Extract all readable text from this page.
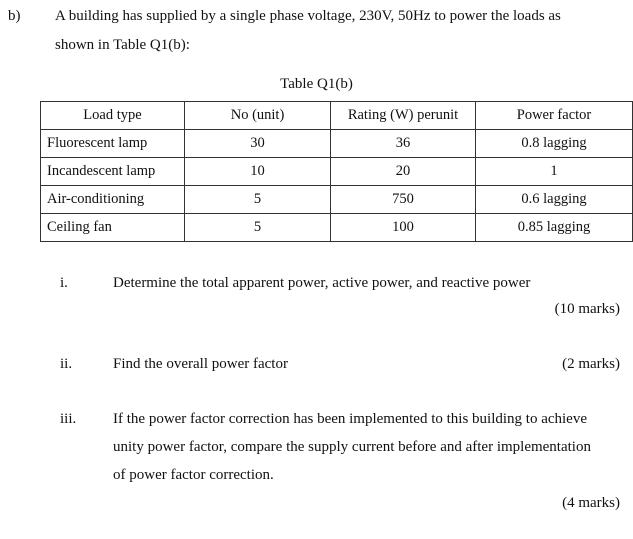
b) A building has supplied by a single phase voltage, 230V, 50Hz to power the loads as
shown in Table Q1(b):
Table Q1(b)
Load type	No (unit)	Rating (W) perunit	Power factor
Fluorescent lamp	30	36	0.8 lagging
Incandescent lamp	10	20	1
Air-conditioning	5	750	0.6 lagging
Ceiling fan	5	100	0.85 lagging
i.	Determine the total apparent power, active power, and reactive power
(10 marks)
ii.	Find the overall power factor	(2 marks)
iii. If the power factor correction has been implemented to this building to achieve
unity power factor, compare the supply current before and after implementation
of power factor correction.
(4 marks)
